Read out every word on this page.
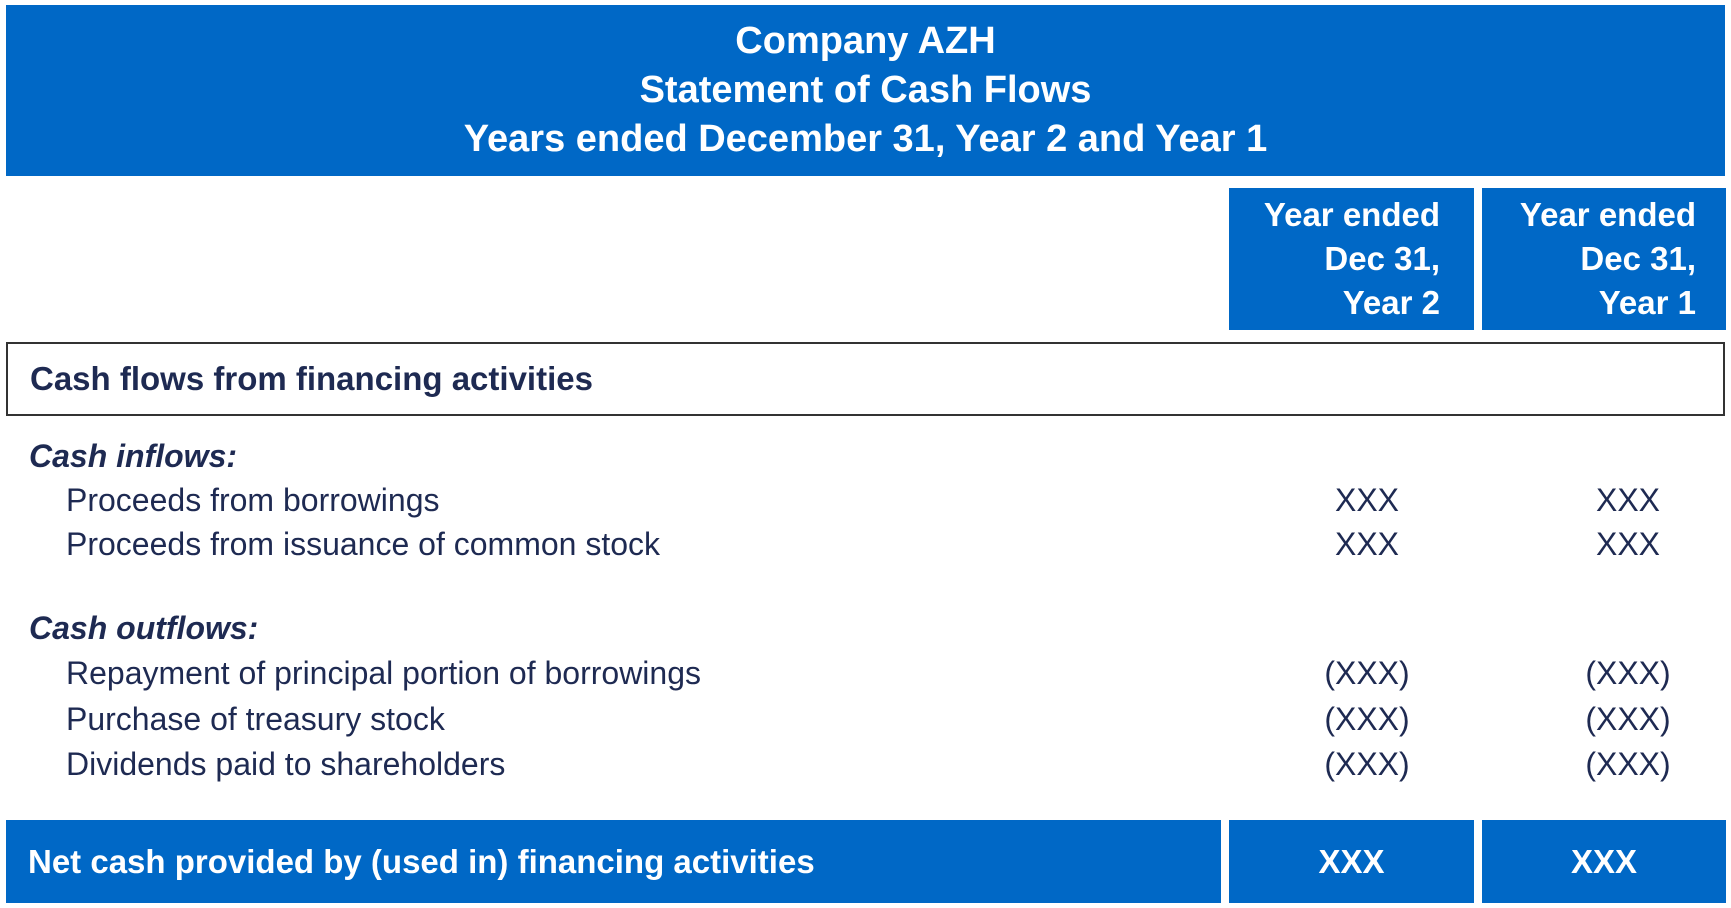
Company AZH
Statement of Cash Flows
Years ended December 31, Year 2 and Year 1
Year ended
Dec 31,
Year 2
Year ended
Dec 31,
Year 1
Cash flows from financing activities
Cash inflows:
Proceeds from borrowings	XXX	XXX
Proceeds from issuance of common stock	XXX	XXX
Cash outflows:
Repayment of principal portion of borrowings	(XXX)	(XXX)
Purchase of treasury stock	(XXX)	(XXX)
Dividends paid to shareholders	(XXX)	(XXX)
Net cash provided by (used in) financing activities	XXX	XXX
